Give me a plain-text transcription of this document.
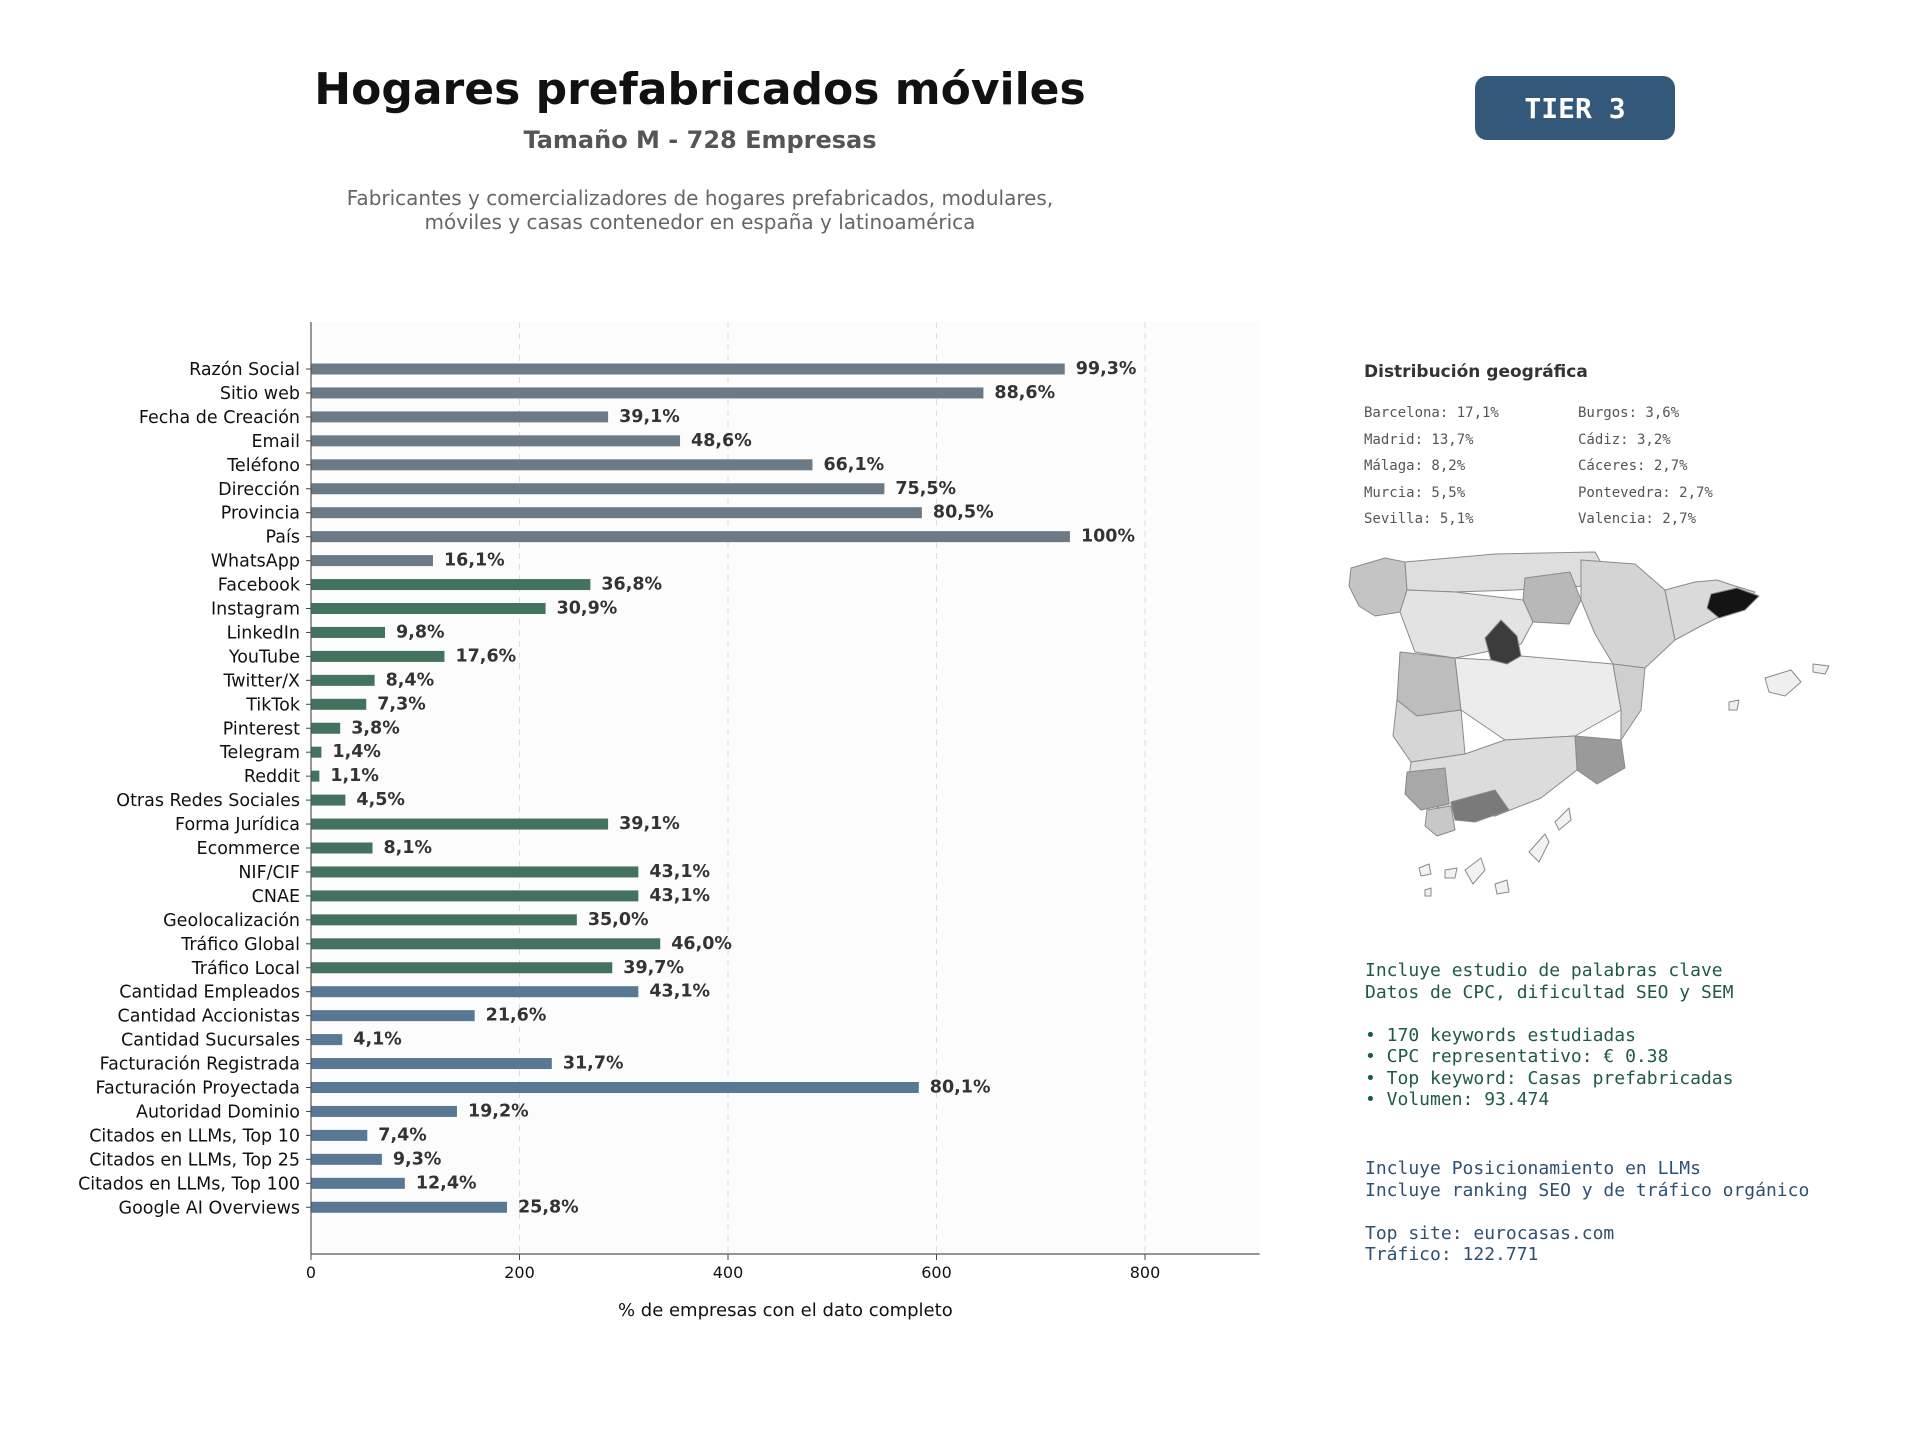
Hogares prefabricados móviles
Tamaño M - 728 Empresas
Fabricantes y comercializadores de hogares prefabricados, modulares,
móviles y casas contenedor en españa y latinoamérica
TIER 3
0	200	400	600	800
Razón Social	99,3%
Sitio web	88,6%
Fecha de Creación	39,1%
Email	48,6%
Teléfono	66,1%
Dirección	75,5%
Provincia	80,5%
País	100%
WhatsApp	16,1%
Facebook	36,8%
Instagram	30,9%
LinkedIn	9,8%
YouTube	17,6%
Twitter/X	8,4%
TikTok	7,3%
Pinterest	3,8%
Telegram 1,4%
Reddit 1,1%
Otras Redes Sociales	4,5%
Forma Jurídica	39,1%
Ecommerce	8,1%
NIF/CIF	43,1%
CNAE	43,1%
Geolocalización	35,0%
Tráfico Global	46,0%
Tráfico Local	39,7%
Cantidad Empleados	43,1%
Cantidad Accionistas	21,6%
Cantidad Sucursales	4,1%
Facturación Registrada	31,7%
Facturación Proyectada	80,1%
Autoridad Dominio	19,2%
Citados en LLMs, Top 10	7,4%
Citados en LLMs, Top 25	9,3%
Citados en LLMs, Top 100	12,4%
Google AI Overviews	25,8%
% de empresas con el dato completo
Distribución geográfica
Barcelona: 17,1%
Madrid: 13,7%
Málaga: 8,2%
Murcia: 5,5%
Sevilla: 5,1%
Burgos: 3,6%
Cádiz: 3,2%
Cáceres: 2,7%
Pontevedra: 2,7%
Valencia: 2,7%
Incluye estudio de palabras clave
Datos de CPC, dificultad SEO y SEM
• 170 keywords estudiadas
• CPC representativo: € 0.38
• Top keyword: Casas prefabricadas
• Volumen: 93.474
Incluye Posicionamiento en LLMs
Incluye ranking SEO y de tráfico orgánico
Top site: eurocasas.com
Tráfico: 122.771
